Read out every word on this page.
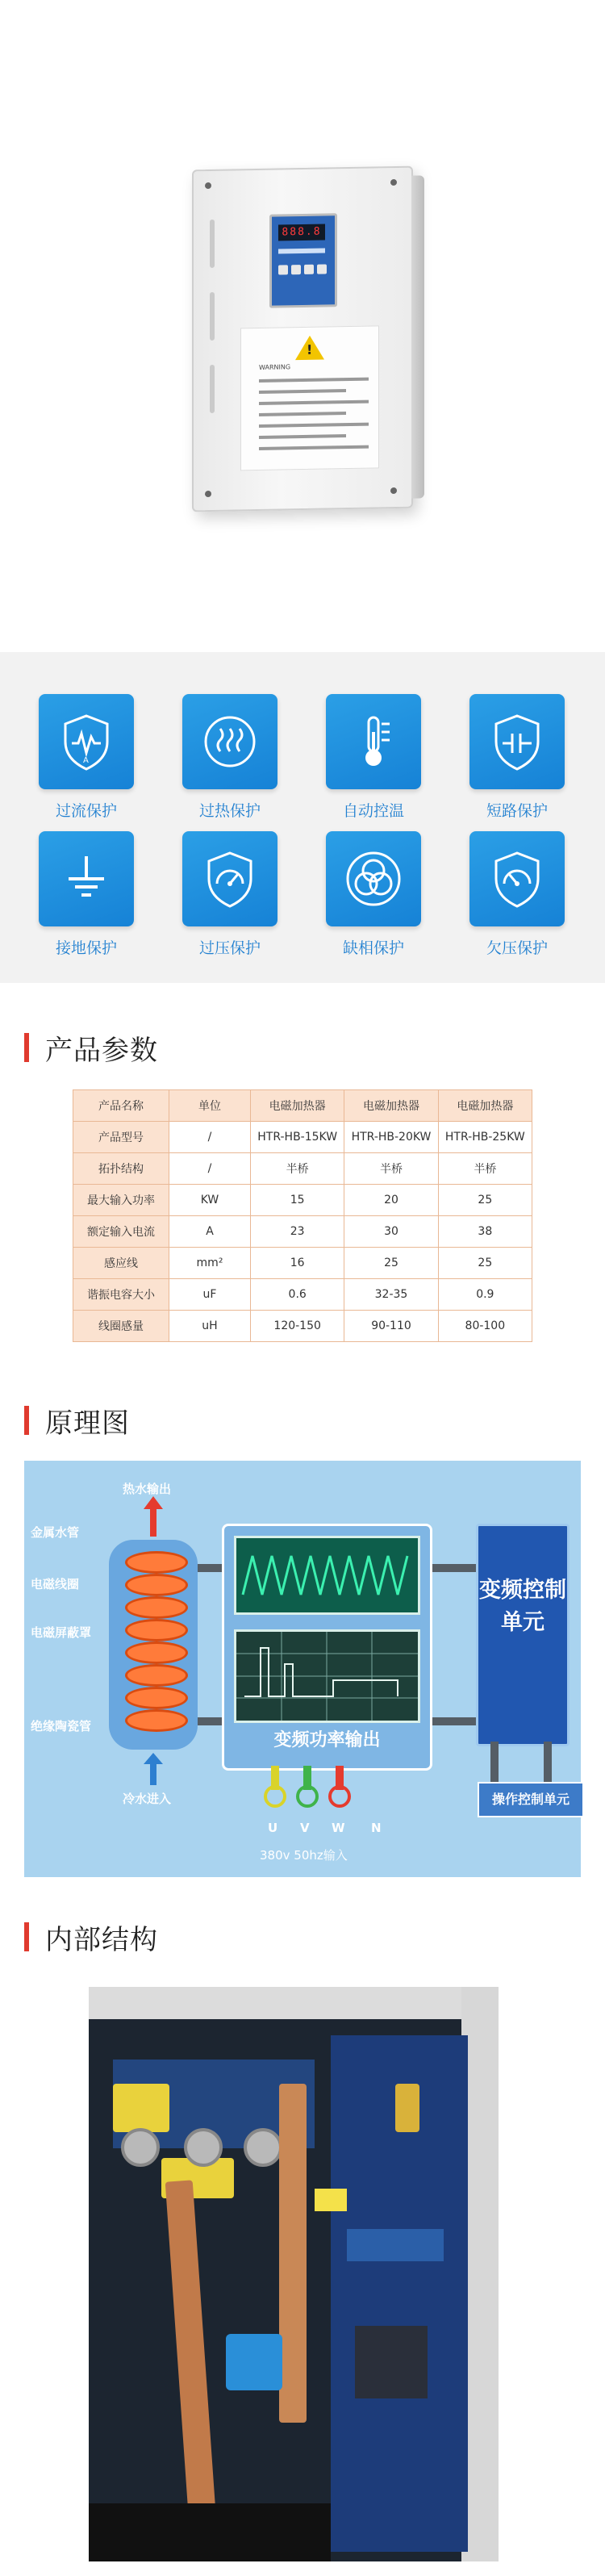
888.8
!
WARNING
A
过流保护	过热保护	自动控温	短路保护
接地保护	过压保护	缺相保护	欠压保护
产品参数
产品名称	单位	电磁加热器	电磁加热器	电磁加热器
产品型号	/	HTR-HB-15KW	HTR-HB-20KW	HTR-HB-25KW
拓扑结构	/	半桥	半桥	半桥
最大输入功率	KW	15	20	25
额定输入电流	A	23	30	38
感应线	mm²	16	25	25
谐振电容大小	uF	0.6	32-35	0.9
线圈感量	uH	120-150	90-110	80-100
原理图
热水输出
金属水管
电磁线圈
电磁屏蔽罩
绝缘陶瓷管
冷水进入
变频功率输出
变频控制单元
操作控制单元
U V W N
380v 50hz输入
内部结构
